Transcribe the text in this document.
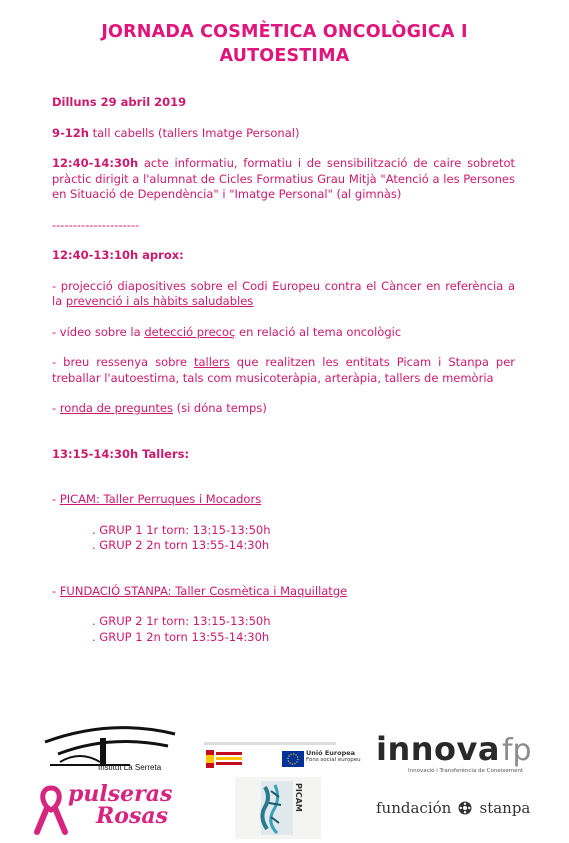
JORNADA COSMÈTICA ONCOLÒGICA I
AUTOESTIMA

Dilluns 29 abril 2019

9-12h tall cabells (tallers Imatge Personal)

12:40-14:30h acte informatiu, formatiu i de sensibilització de caire sobretot pràctic dirigit a l'alumnat de Cicles Formatius Grau Mitjà "Atenció a les Persones en Situació de Dependència" i "Imatge Personal" (al gimnàs)

---------------------

12:40-13:10h aprox:

- projecció diapositives sobre el Codi Europeu contra el Càncer en referència a la prevenció i als hàbits saludables

- vídeo sobre la detecció precoç en relació al tema oncològic

- breu ressenya sobre tallers que realitzen les entitats Picam i Stanpa per treballar l'autoestima, tals com musicoteràpia, arteràpia, tallers de memòria

- ronda de preguntes (si dóna temps)

13:15-14:30h Tallers:

- PICAM: Taller Perruques i Mocadors

. GRUP 1 1r torn: 13:15-13:50h

. GRUP 2 2n torn 13:55-14:30h

- FUNDACIÓ STANPA: Taller Cosmètica i Maquillatge

. GRUP 2 1r torn: 13:15-13:50h

. GRUP 1 2n torn 13:55-14:30h

Institut La Serreta
pulseras
Rosas
Unió Europea
Fons social europeu
PICAM
innovafp
Innovació i Transferència de Coneixement
fundación stanpa
